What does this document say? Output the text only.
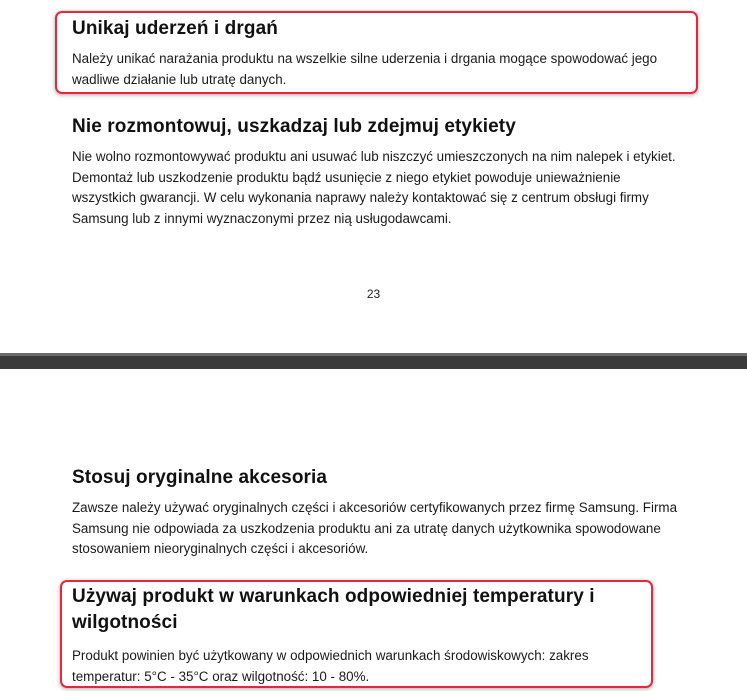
Unikaj uderzeń i drgań

Należy unikać narażania produktu na wszelkie silne uderzenia i drgania mogące spowodować jego wadliwe działanie lub utratę danych.

Nie rozmontowuj, uszkadzaj lub zdejmuj etykiety

Nie wolno rozmontowywać produktu ani usuwać lub niszczyć umieszczonych na nim nalepek i etykiet. Demontaż lub uszkodzenie produktu bądź usunięcie z niego etykiet powoduje unieważnienie wszystkich gwarancji. W celu wykonania naprawy należy kontaktować się z centrum obsługi firmy Samsung lub z innymi wyznaczonymi przez nią usługodawcami.

23
Stosuj oryginalne akcesoria

Zawsze należy używać oryginalnych części i akcesoriów certyfikowanych przez firmę Samsung. Firma Samsung nie odpowiada za uszkodzenia produktu ani za utratę danych użytkownika spowodowane stosowaniem nieoryginalnych części i akcesoriów.

Używaj produkt w warunkach odpowiedniej temperatury i wilgotności

Produkt powinien być użytkowany w odpowiednich warunkach środowiskowych: zakres temperatur: 5°C - 35°C oraz wilgotność: 10 - 80%.
